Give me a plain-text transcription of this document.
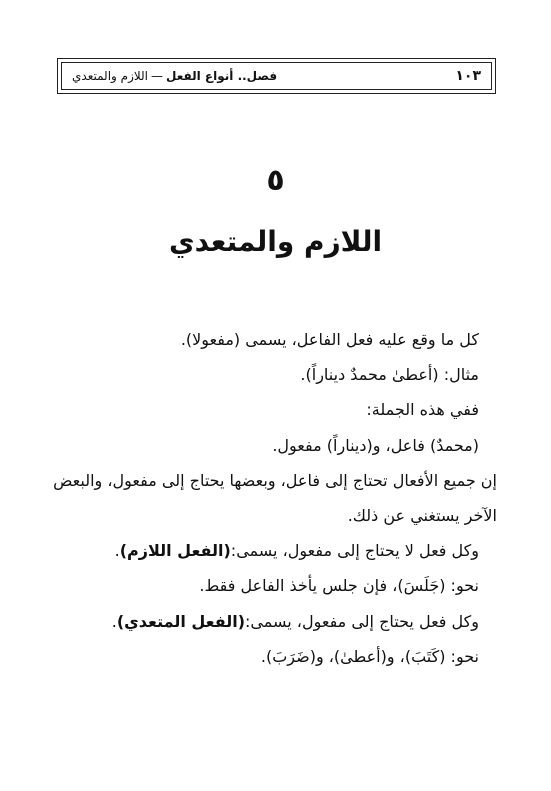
فصل.. أنواع الفعل—اللازم والمتعدي	١٠٣
٥
اللازم والمتعدي
كل ما وقع عليه فعل الفاعل، يسمى (مفعولا).
مثال: (أعطىٰ محمدٌ ديناراً).
ففي هذه الجملة:
(محمدٌ) فاعل، و(ديناراً) مفعول.
إن جميع الأفعال تحتاج إلى فاعل، وبعضها يحتاج إلى مفعول، والبعض
الآخر يستغني عن ذلك.
وكل فعل لا يحتاج إلى مفعول، يسمى:(الفعل اللازم).
نحو: (جَلَسَ)، فإن جلس يأخذ الفاعل فقط.
وكل فعل يحتاج إلى مفعول، يسمى:(الفعل المتعدي).
نحو: (كَتَبَ)، و(أعطىٰ)، و(ضَرَبَ).
